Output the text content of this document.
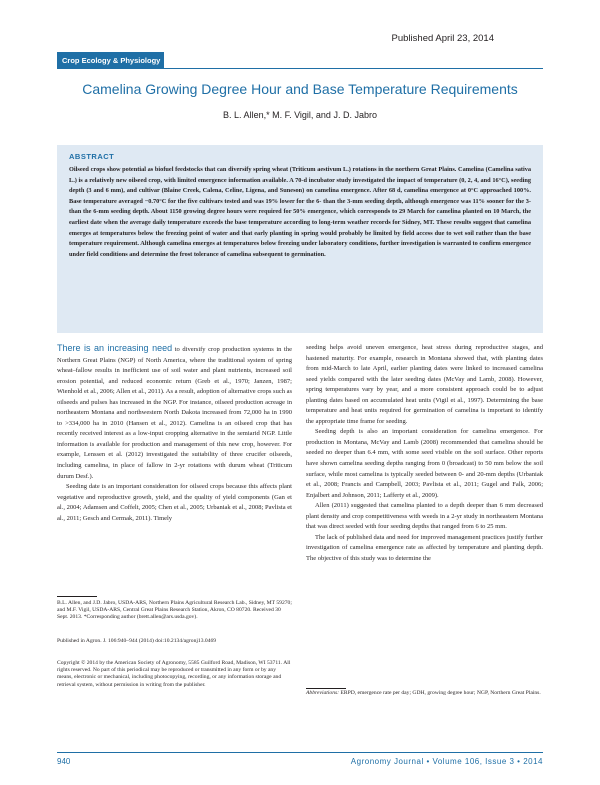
Published April 23, 2014
Crop Ecology & Physiology
Camelina Growing Degree Hour and Base Temperature Requirements
B. L. Allen,* M. F. Vigil, and J. D. Jabro
ABSTRACT

Oilseed crops show potential as biofuel feedstocks that can diversify spring wheat (Triticum aestivum L.) rotations in the northern Great Plains. Camelina (Camelina sativa L.) is a relatively new oilseed crop, with limited emergence information available. A 70-d incubator study investigated the impact of temperature (0, 2, 4, and 16°C), seeding depth (3 and 6 mm), and cultivar (Blaine Creek, Calena, Celine, Ligena, and Suneson) on camelina emergence. After 68 d, camelina emergence at 0°C approached 100%. Base temperature averaged −0.70°C for the five cultivars tested and was 19% lower for the 6- than the 3-mm seeding depth, although emergence was 11% sooner for the 3- than the 6-mm seeding depth. About 1150 growing degree hours were required for 50% emergence, which corresponds to 29 March for camelina planted on 10 March, the earliest date when the average daily temperature exceeds the base temperature according to long-term weather records for Sidney, MT. These results suggest that camelina emerges at temperatures below the freezing point of water and that early planting in spring would probably be limited by field access due to wet soil rather than the base temperature requirement. Although camelina emerges at temperatures below freezing under laboratory conditions, further investigation is warranted to confirm emergence under field conditions and determine the frost tolerance of camelina subsequent to germination.

There is an increasing need to diversify crop production systems in the Northern Great Plains (NGP) of North America, where the traditional system of spring wheat–fallow results in inefficient use of soil water and plant nutrients, increased soil erosion potential, and reduced economic return (Greb et al., 1970; Janzen, 1987; Wienhold et al., 2006; Allen et al., 2011). As a result, adoption of alternative crops such as oilseeds and pulses has increased in the NGP. For instance, oilseed production acreage in northeastern Montana and northwestern North Dakota increased from 72,000 ha in 1990 to >334,000 ha in 2010 (Hansen et al., 2012). Camelina is an oilseed crop that has recently received interest as a low-input cropping alternative in the semiarid NGP. Little information is available for production and management of this new crop, however. For example, Lenssen et al. (2012) investigated the suitability of three crucifer oilseeds, including camelina, in place of fallow in 2-yr rotations with durum wheat (Triticum durum Desf.).

Seeding date is an important consideration for oilseed crops because this affects plant vegetative and reproductive growth, yield, and the quality of yield components (Gan et al., 2004; Adamsen and Coffelt, 2005; Chen et al., 2005; Urbaniak et al., 2008; Pavlista et al., 2011; Gesch and Cermak, 2011). Timely

B.L. Allen, and J.D. Jabro, USDA-ARS, Northern Plains Agricultural Research Lab., Sidney, MT 59270; and M.F. Vigil, USDA-ARS, Central Great Plains Research Station, Akron, CO 80720. Received 30 Sept. 2013. *Corresponding author (brett.allen@ars.usda.gov).
Published in Agron. J. 106:940–944 (2014) doi:10.2134/agronj13.0469
Copyright © 2014 by the American Society of Agronomy, 5585 Guilford Road, Madison, WI 53711. All rights reserved. No part of this periodical may be reproduced or transmitted in any form or by any means, electronic or mechanical, including photocopying, recording, or any information storage and retrieval system, without permission in writing from the publisher.

seeding helps avoid uneven emergence, heat stress during reproductive stages, and hastened maturity. For example, research in Montana showed that, with planting dates from mid-March to late April, earlier planting dates were linked to increased camelina seed yields compared with the later seeding dates (McVay and Lamb, 2008). However, spring temperatures vary by year, and a more consistent approach could be to adjust planting dates based on accumulated heat units (Vigil et al., 1997). Determining the base temperature and heat units required for germination of camelina is important to identify the appropriate time frame for seeding.

Seeding depth is also an important consideration for camelina emergence. For production in Montana, McVay and Lamb (2008) recommended that camelina should be seeded no deeper than 6.4 mm, with some seed visible on the soil surface. Other reports have shown camelina seeding depths ranging from 0 (broadcast) to 50 mm below the soil surface, while most camelina is typically seeded between 0- and 20-mm depths (Urbaniak et al., 2008; Francis and Campbell, 2003; Pavlista et al., 2011; Gugel and Falk, 2006; Enjalbert and Johnson, 2011; Lafferty et al., 2009).

Allen (2011) suggested that camelina planted to a depth deeper than 6 mm decreased plant density and crop competitiveness with weeds in a 2-yr study in northeastern Montana that was direct seeded with four seeding depths that ranged from 6 to 25 mm.

The lack of published data and need for improved management practices justify further investigation of camelina emergence rate as affected by temperature and planting depth. The objective of this study was to determine the

Abbreviations: ERPD, emergence rate per day; GDH, growing degree hour; NGP, Northern Great Plains.
940	Agronomy Journal • Volume 106, Issue 3 • 2014
